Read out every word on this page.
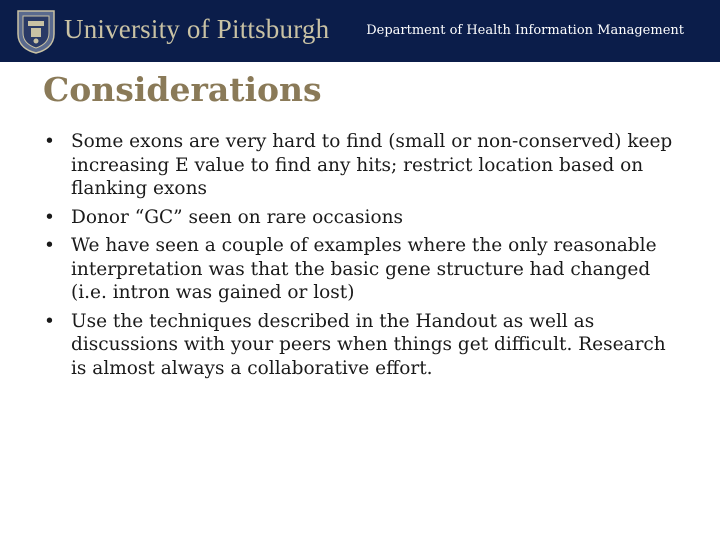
University of Pittsburgh	Department of Health Information Management
Considerations
• Some exons are very hard to find (small or non-conserved) keep increasing E value to find any hits; restrict location based on flanking exons
• Donor “GC” seen on rare occasions
• We have seen a couple of examples where the only reasonable interpretation was that the basic gene structure had changed (i.e. intron was gained or lost)
• Use the techniques described in the Handout as well as discussions with your peers when things get difficult. Research is almost always a collaborative effort.
